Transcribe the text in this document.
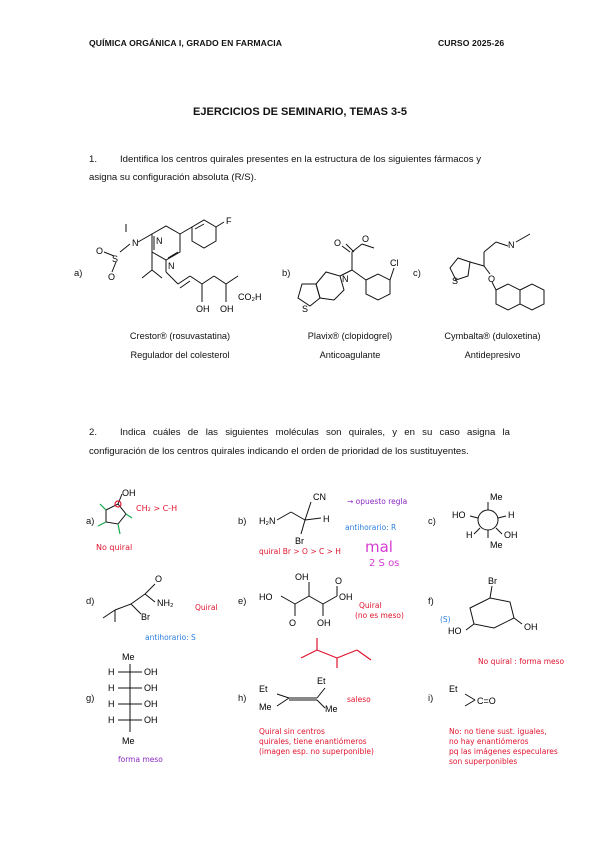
QUÍMICA ORGÁNICA I, GRADO EN FARMACIA	CURSO 2025-26
EJERCICIOS DE SEMINARIO, TEMAS 3-5
1. Identifica los centros quirales presentes en la estructura de los siguientes fármacos y
asigna su configuración absoluta (R/S).
a)	b)	c)
N N
N
S
O
O
F
OH OH
CO₂H
N
S
O O
Cl
N
S	O
Crestor® (rosuvastatina)
Regulador del colesterol
Plavix® (clopidogrel)
Anticoagulante
Cymbalta® (duloxetina)
Antidepresivo
2. Indica cuáles de las siguientes moléculas son quirales, y en su caso asigna la
configuración de los centros quirales indicando el orden de prioridad de los sustituyentes.
a)	b)	c)
d)	e)	f)
g)	h)	i)
OH
CH₂ > C-H
No quiral
H₂N
CN
H
Br
→ opuesto regla
antihorario: R
quiral Br > O > C > H mal
2 S os
Me
Me
HO	H
H	OH
O
NH₂
Br
Quiral
antihorario: S
HO	OH
OH
OH
O
O
Quiral
(no es meso)
Br
HO	OH
(S)
No quiral : forma meso
Me
Me
H
H
H
H
OH
OH
OH
OH
forma meso
Et
Me
Et
Me
saleso
Quiral sin centros
quirales, tiene enantiómeros
(imagen esp. no superponible)
Et
C=O
No: no tiene sust. iguales,
no hay enantiómeros
pq las imágenes especulares
son superponibles
